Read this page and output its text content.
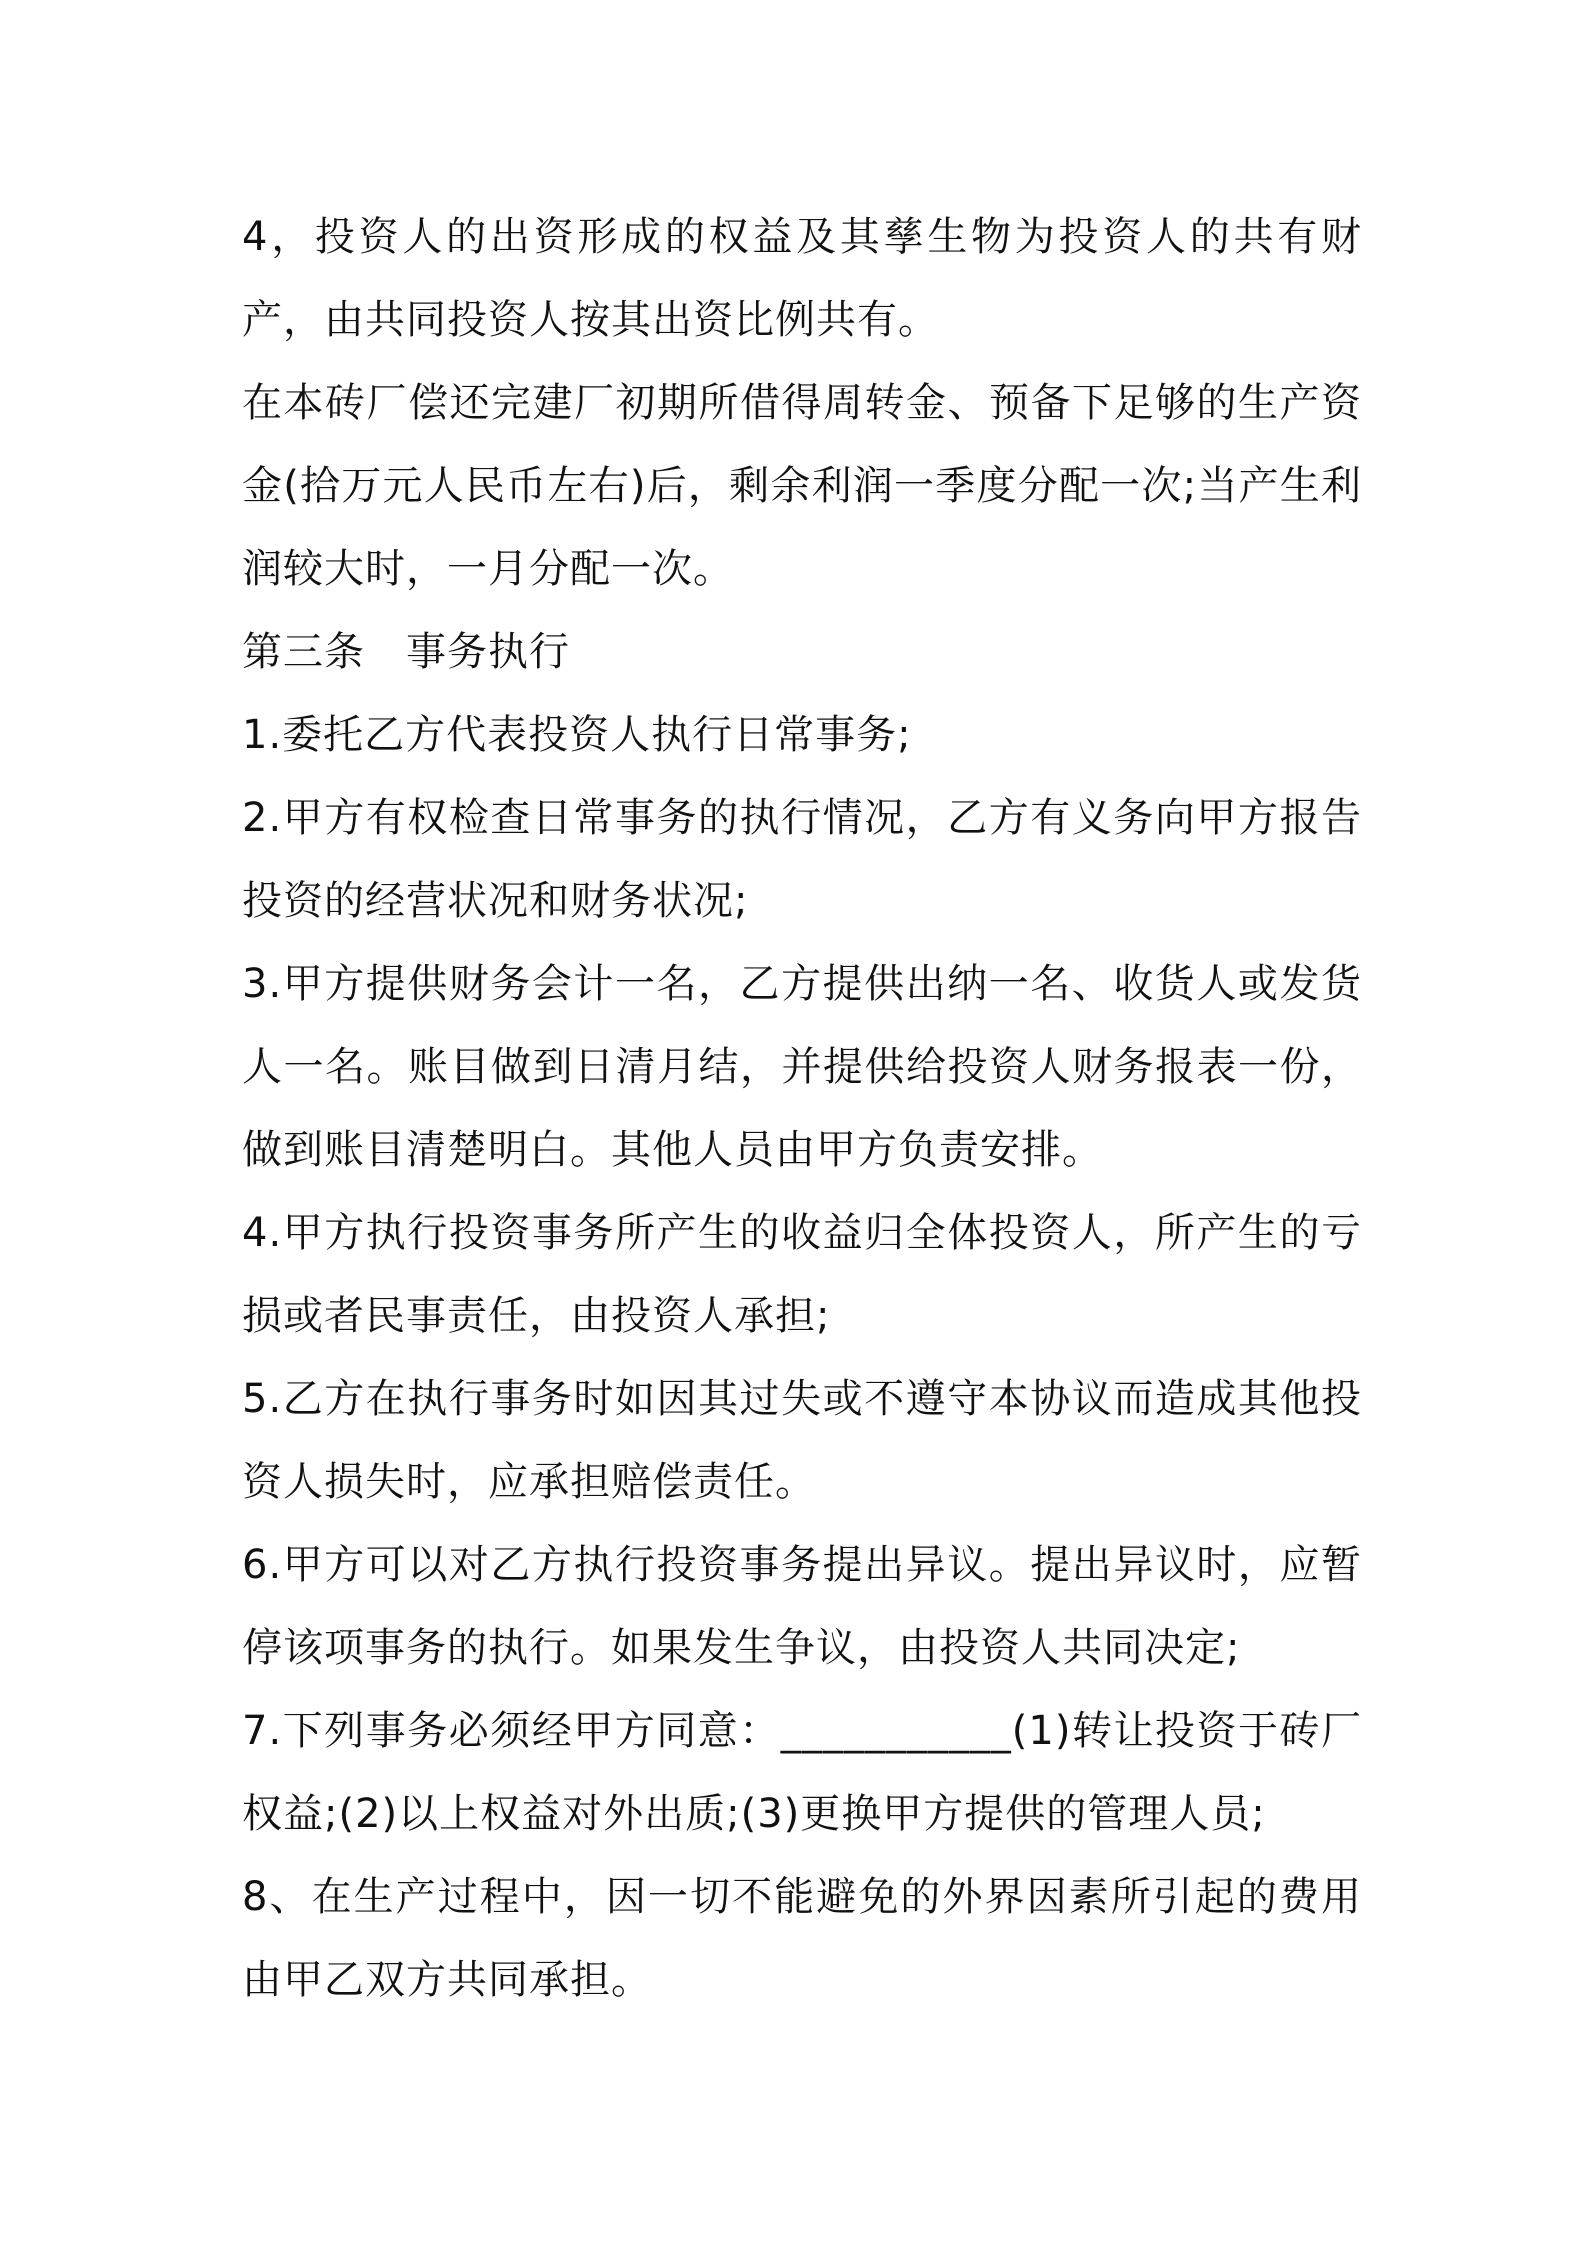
4，投资人的出资形成的权益及其孳生物为投资人的共有财产，由共同投资人按其出资比例共有。

在本砖厂偿还完建厂初期所借得周转金、预备下足够的生产资金(拾万元人民币左右)后，剩余利润一季度分配一次;当产生利润较大时，一月分配一次。

第三条　事务执行

1.委托乙方代表投资人执行日常事务;

2.甲方有权检查日常事务的执行情况，乙方有义务向甲方报告投资的经营状况和财务状况;

3.甲方提供财务会计一名，乙方提供出纳一名、收货人或发货人一名。账目做到日清月结，并提供给投资人财务报表一份，做到账目清楚明白。其他人员由甲方负责安排。

4.甲方执行投资事务所产生的收益归全体投资人，所产生的亏损或者民事责任，由投资人承担;

5.乙方在执行事务时如因其过失或不遵守本协议而造成其他投资人损失时，应承担赔偿责任。

6.甲方可以对乙方执行投资事务提出异议。提出异议时，应暂停该项事务的执行。如果发生争议，由投资人共同决定;

7.下列事务必须经甲方同意：___________(1)转让投资于砖厂权益;(2)以上权益对外出质;(3)更换甲方提供的管理人员;

8、在生产过程中，因一切不能避免的外界因素所引起的费用由甲乙双方共同承担。
